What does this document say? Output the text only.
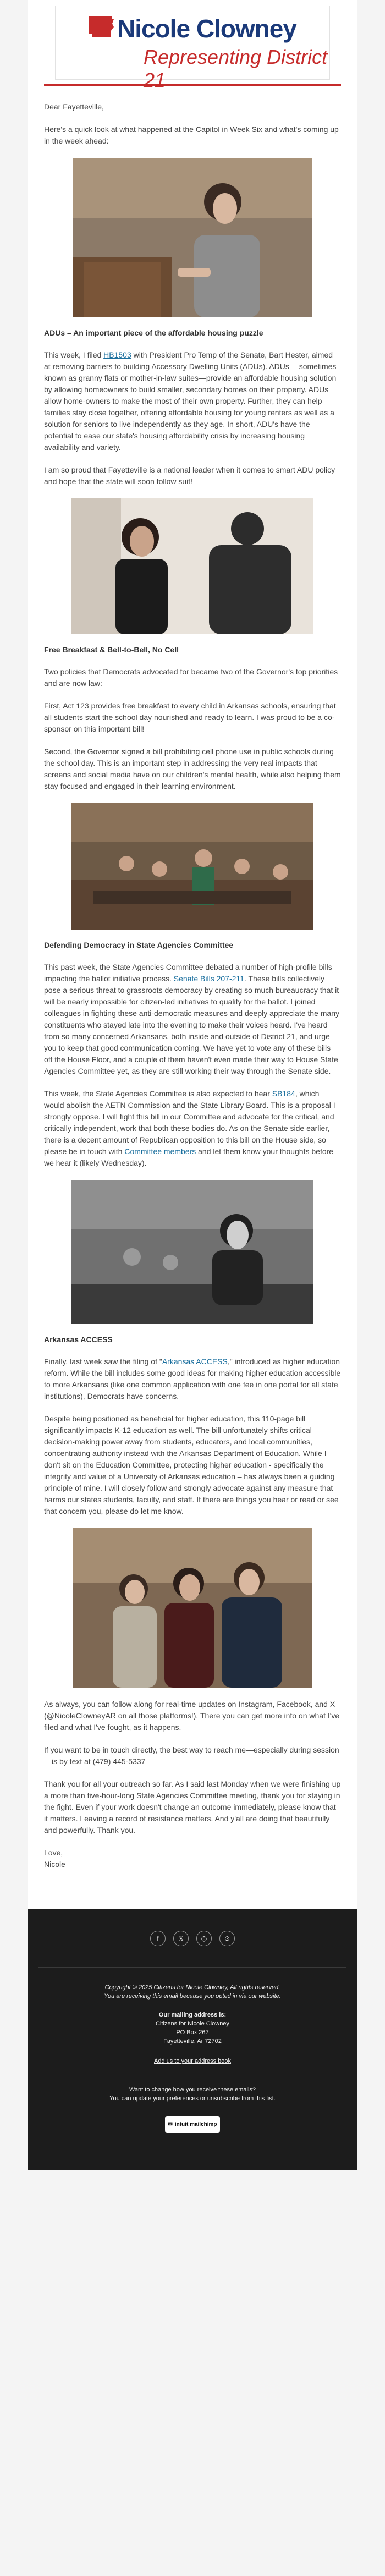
Nicole Clowney
Representing District 21

Dear Fayetteville,

Here's a quick look at what happened at the Capitol in Week Six and what's coming up in the week ahead:

ADUs – An important piece of the affordable housing puzzle

This week, I filed HB1503 with President Pro Temp of the Senate, Bart Hester, aimed at removing barriers to building Accessory Dwelling Units (ADUs). ADUs —sometimes known as granny flats or mother-in-law suites—provide an affordable housing solution by allowing homeowners to build smaller, secondary homes on their property. ADUs allow home-owners to make the most of their own property. Further, they can help families stay close together, offering affordable housing for young renters as well as a solution for seniors to live independently as they age. In short, ADU's have the potential to ease our state's housing affordability crisis by increasing housing availability and variety.

I am so proud that Fayetteville is a national leader when it comes to smart ADU policy and hope that the state will soon follow suit!

Free Breakfast & Bell-to-Bell, No Cell

Two policies that Democrats advocated for became two of the Governor's top priorities and are now law:

First, Act 123 provides free breakfast to every child in Arkansas schools, ensuring that all students start the school day nourished and ready to learn. I was proud to be a co-sponsor on this important bill!

Second, the Governor signed a bill prohibiting cell phone use in public schools during the school day. This is an important step in addressing the very real impacts that screens and social media have on our children's mental health, while also helping them stay focused and engaged in their learning environment.

Defending Democracy in State Agencies Committee

This past week, the State Agencies Committee debated a number of high-profile bills impacting the ballot initiative process. Senate Bills 207-211. These bills collectively pose a serious threat to grassroots democracy by creating so much bureaucracy that it will be nearly impossible for citizen-led initiatives to qualify for the ballot. I joined colleagues in fighting these anti-democratic measures and deeply appreciate the many constituents who stayed late into the evening to make their voices heard. I've heard from so many concerned Arkansans, both inside and outside of District 21, and urge you to keep that good communication coming. We have yet to vote any of these bills off the House Floor, and a couple of them haven't even made their way to House State Agencies Committee yet, as they are still working their way through the Senate side.

This week, the State Agencies Committee is also expected to hear SB184, which would abolish the AETN Commission and the State Library Board. This is a proposal I strongly oppose. I will fight this bill in our Committee and advocate for the critical, and critically independent, work that both these bodies do. As on the Senate side earlier, there is a decent amount of Republican opposition to this bill on the House side, so please be in touch with Committee members and let them know your thoughts before we hear it (likely Wednesday).

Arkansas ACCESS

Finally, last week saw the filing of "Arkansas ACCESS," introduced as higher education reform. While the bill includes some good ideas for making higher education accessible to more Arkansans (like one common application with one fee in one portal for all state institutions), Democrats have concerns.

Despite being positioned as beneficial for higher education, this 110-page bill significantly impacts K-12 education as well. The bill unfortunately shifts critical decision-making power away from students, educators, and local communities, concentrating authority instead with the Arkansas Department of Education. While I don't sit on the Education Committee, protecting higher education - specifically the integrity and value of a University of Arkansas education – has always been a guiding principle of mine. I will closely follow and strongly advocate against any measure that harms our states students, faculty, and staff. If there are things you hear or read or see that concern you, please do let me know.

As always, you can follow along for real-time updates on Instagram, Facebook, and X (@NicoleClowneyAR on all those platforms!). There you can get more info on what I've filed and what I've fought, as it happens.

If you want to be in touch directly, the best way to reach me—especially during session—is by text at (479) 445-5337

Thank you for all your outreach so far. As I said last Monday when we were finishing up a more than five-hour-long State Agencies Committee meeting, thank you for staying in the fight. Even if your work doesn't change an outcome immediately, please know that it matters. Leaving a record of resistance matters. And y'all are doing that beautifully and powerfully. Thank you.

Love,
Nicole

f	𝕏	◎	⊙

Copyright © 2025 Citizens for Nicole Clowney, All rights reserved.

You are receiving this email because you opted in via our website.

Our mailing address is:

Citizens for Nicole Clowney

PO Box 267

Fayetteville, Ar 72702

Add us to your address book

Want to change how you receive these emails?

You can update your preferences or unsubscribe from this list.

✉ intuit mailchimp
